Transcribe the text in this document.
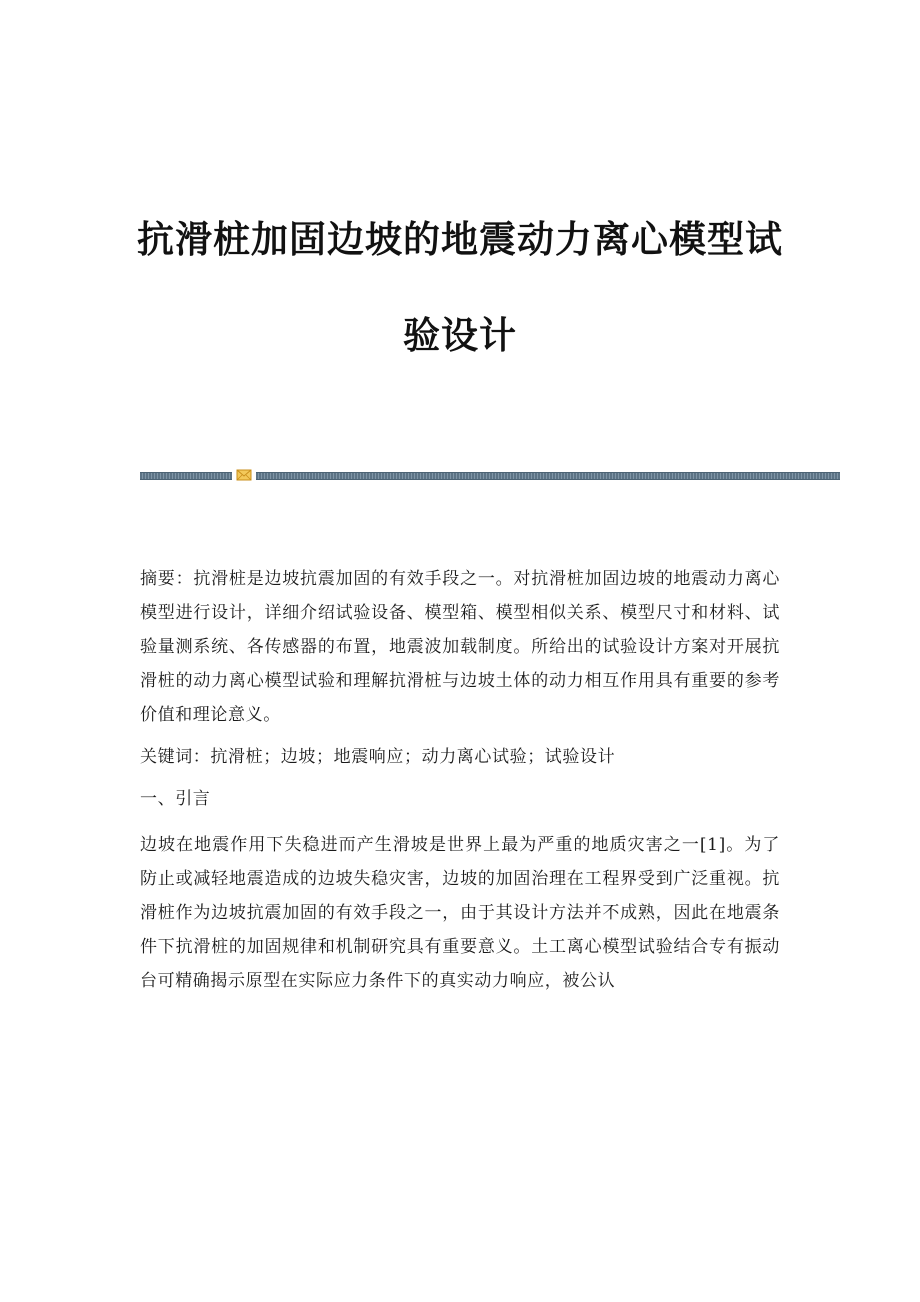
抗滑桩加固边坡的地震动力离心模型试
验设计

摘要：抗滑桩是边坡抗震加固的有效手段之一。对抗滑桩加固边坡的地震动力离心模型进行设计，详细介绍试验设备、模型箱、模型相似关系、模型尺寸和材料、试验量测系统、各传感器的布置，地震波加载制度。所给出的试验设计方案对开展抗滑桩的动力离心模型试验和理解抗滑桩与边坡土体的动力相互作用具有重要的参考价值和理论意义。

关键词：抗滑桩；边坡；地震响应；动力离心试验；试验设计

一、引言

边坡在地震作用下失稳进而产生滑坡是世界上最为严重的地质灾害之一[1]。为了防止或减轻地震造成的边坡失稳灾害，边坡的加固治理在工程界受到广泛重视。抗滑桩作为边坡抗震加固的有效手段之一，由于其设计方法并不成熟，因此在地震条件下抗滑桩的加固规律和机制研究具有重要意义。土工离心模型试验结合专有振动台可精确揭示原型在实际应力条件下的真实动力响应，被公认
